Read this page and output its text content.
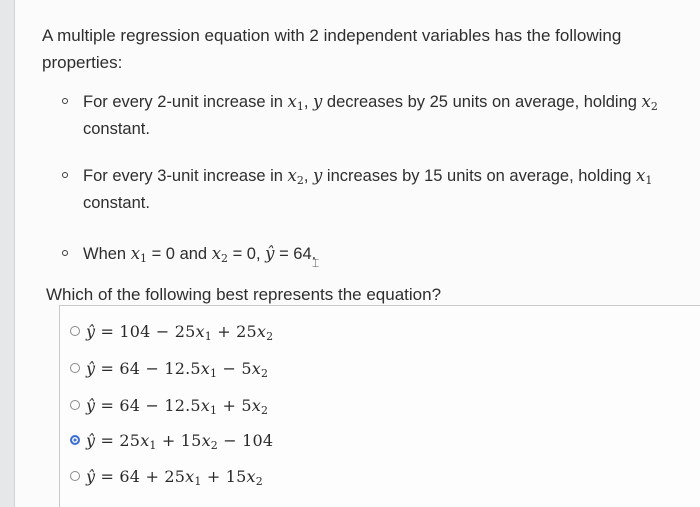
A multiple regression equation with 2 independent variables has the following properties:

For every 2-unit increase in $x_1$, y decreases by 25 units on average, holding $x_2$
constant.
For every 3-unit increase in $x_2$, y increases by 15 units on average, holding $x_1$
constant.
When $x_1 = 0$ and $x_2 = 0$, ŷ = 64.

Which of the following best represents the equation?

ŷ = $104 - 25x_1 + 25x_2$
ŷ = $64 - 12.5x_1 - 5x_2$
ŷ = $64 - 12.5x_1 + 5x_2$
ŷ = $25x_1 + 15x_2 - 104$
ŷ = $64 + 25x_1 + 15x_2$
⌶
